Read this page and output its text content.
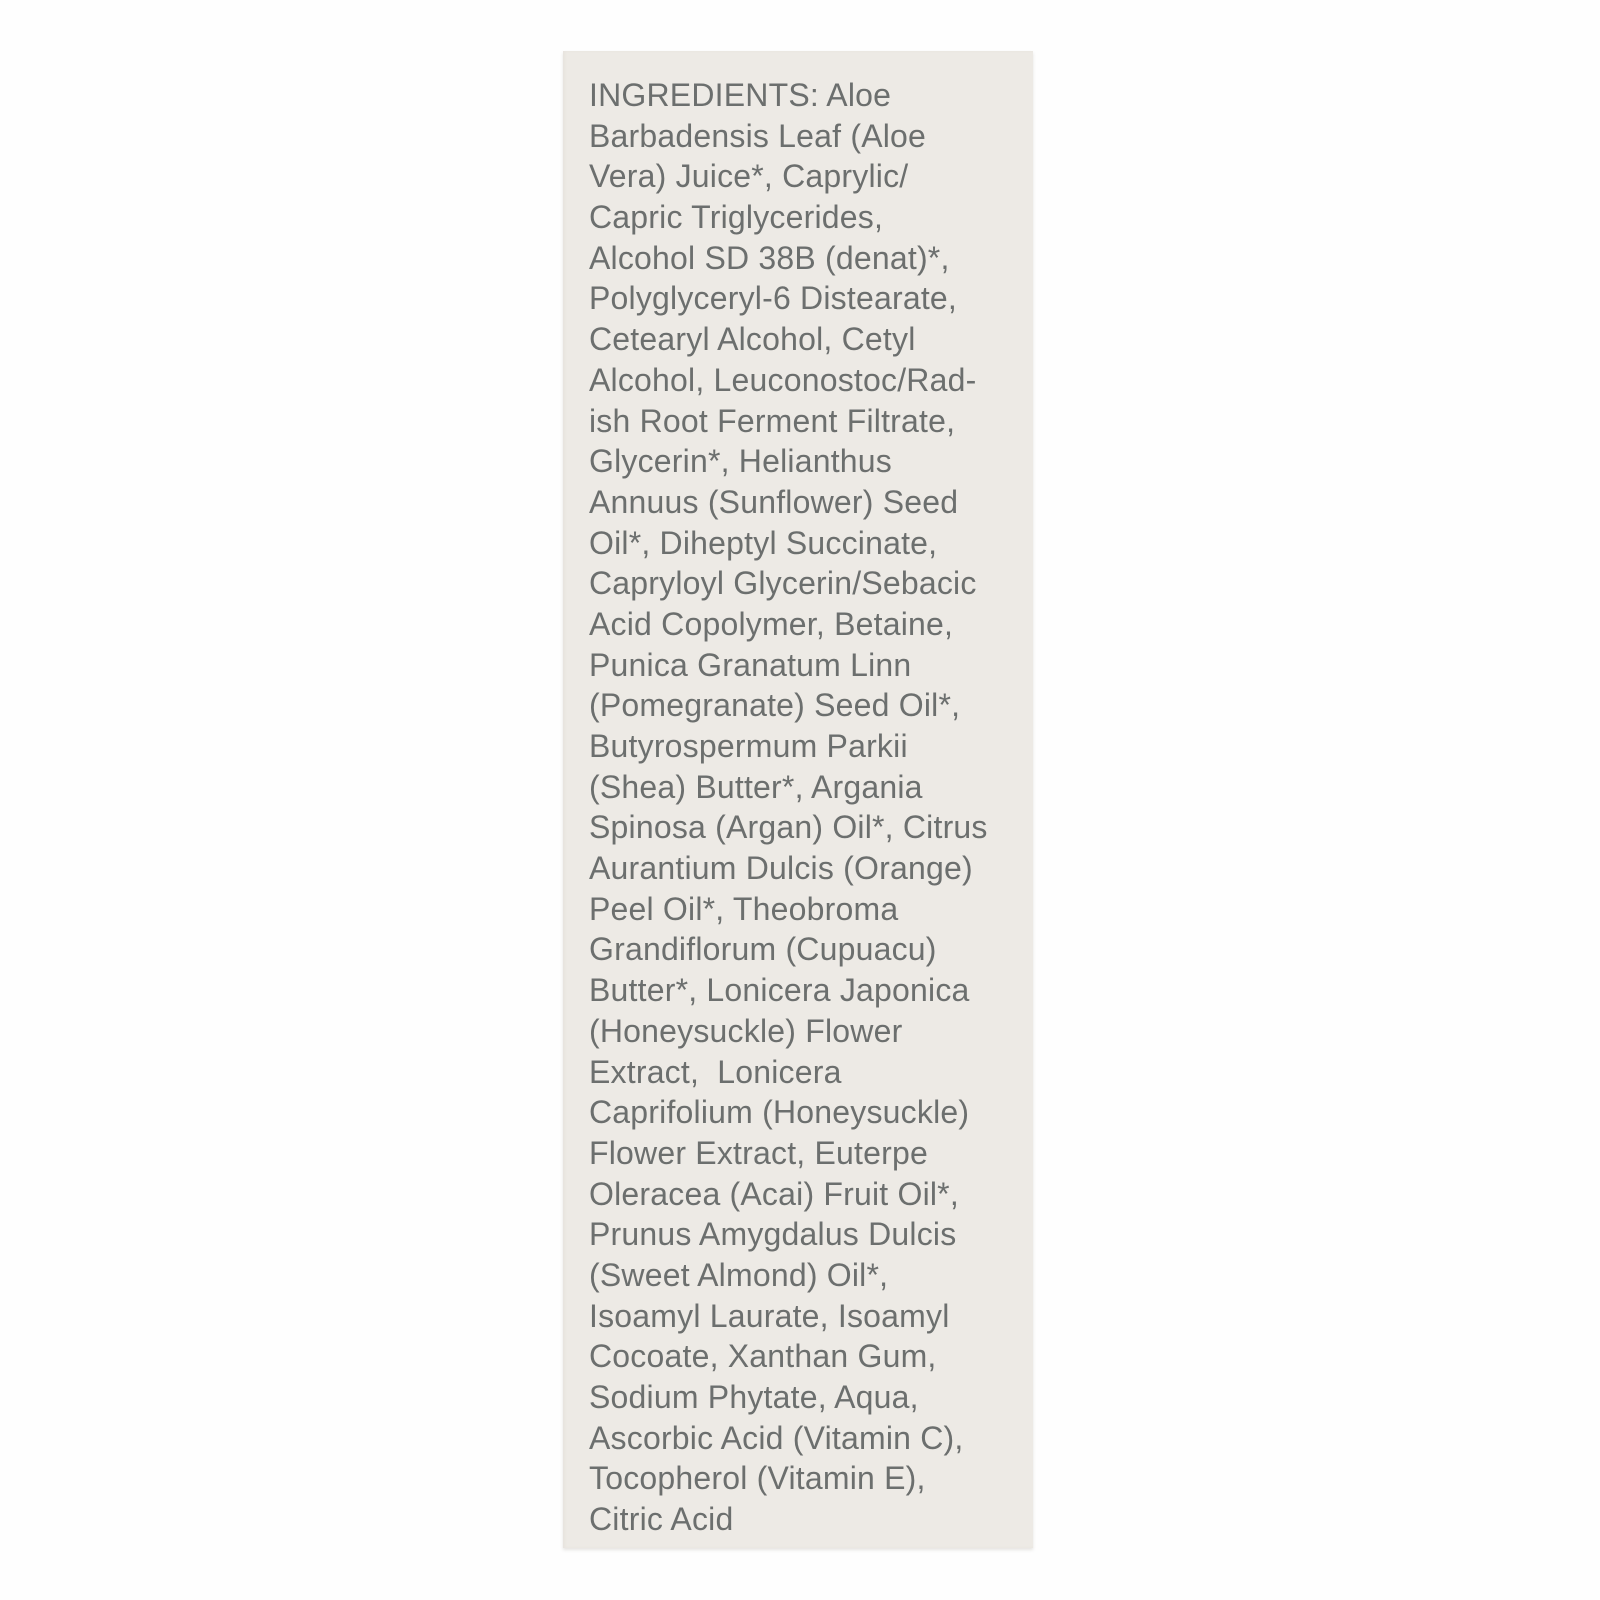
INGREDIENTS: Aloe
Barbadensis Leaf (Aloe
Vera) Juice*, Caprylic/
Capric Triglycerides,
Alcohol SD 38B (denat)*,
Polyglyceryl-6 Distearate,
Cetearyl Alcohol, Cetyl
Alcohol, Leuconostoc/Rad-
ish Root Ferment Filtrate,
Glycerin*, Helianthus
Annuus (Sunflower) Seed
Oil*, Diheptyl Succinate,
Capryloyl Glycerin/Sebacic
Acid Copolymer, Betaine,
Punica Granatum Linn
(Pomegranate) Seed Oil*,
Butyrospermum Parkii
(Shea) Butter*, Argania
Spinosa (Argan) Oil*, Citrus
Aurantium Dulcis (Orange)
Peel Oil*, Theobroma
Grandiflorum (Cupuacu)
Butter*, Lonicera Japonica
(Honeysuckle) Flower
Extract,  Lonicera
Caprifolium (Honeysuckle)
Flower Extract, Euterpe
Oleracea (Acai) Fruit Oil*,
Prunus Amygdalus Dulcis
(Sweet Almond) Oil*,
Isoamyl Laurate, Isoamyl
Cocoate, Xanthan Gum,
Sodium Phytate, Aqua,
Ascorbic Acid (Vitamin C),
Tocopherol (Vitamin E),
Citric Acid
